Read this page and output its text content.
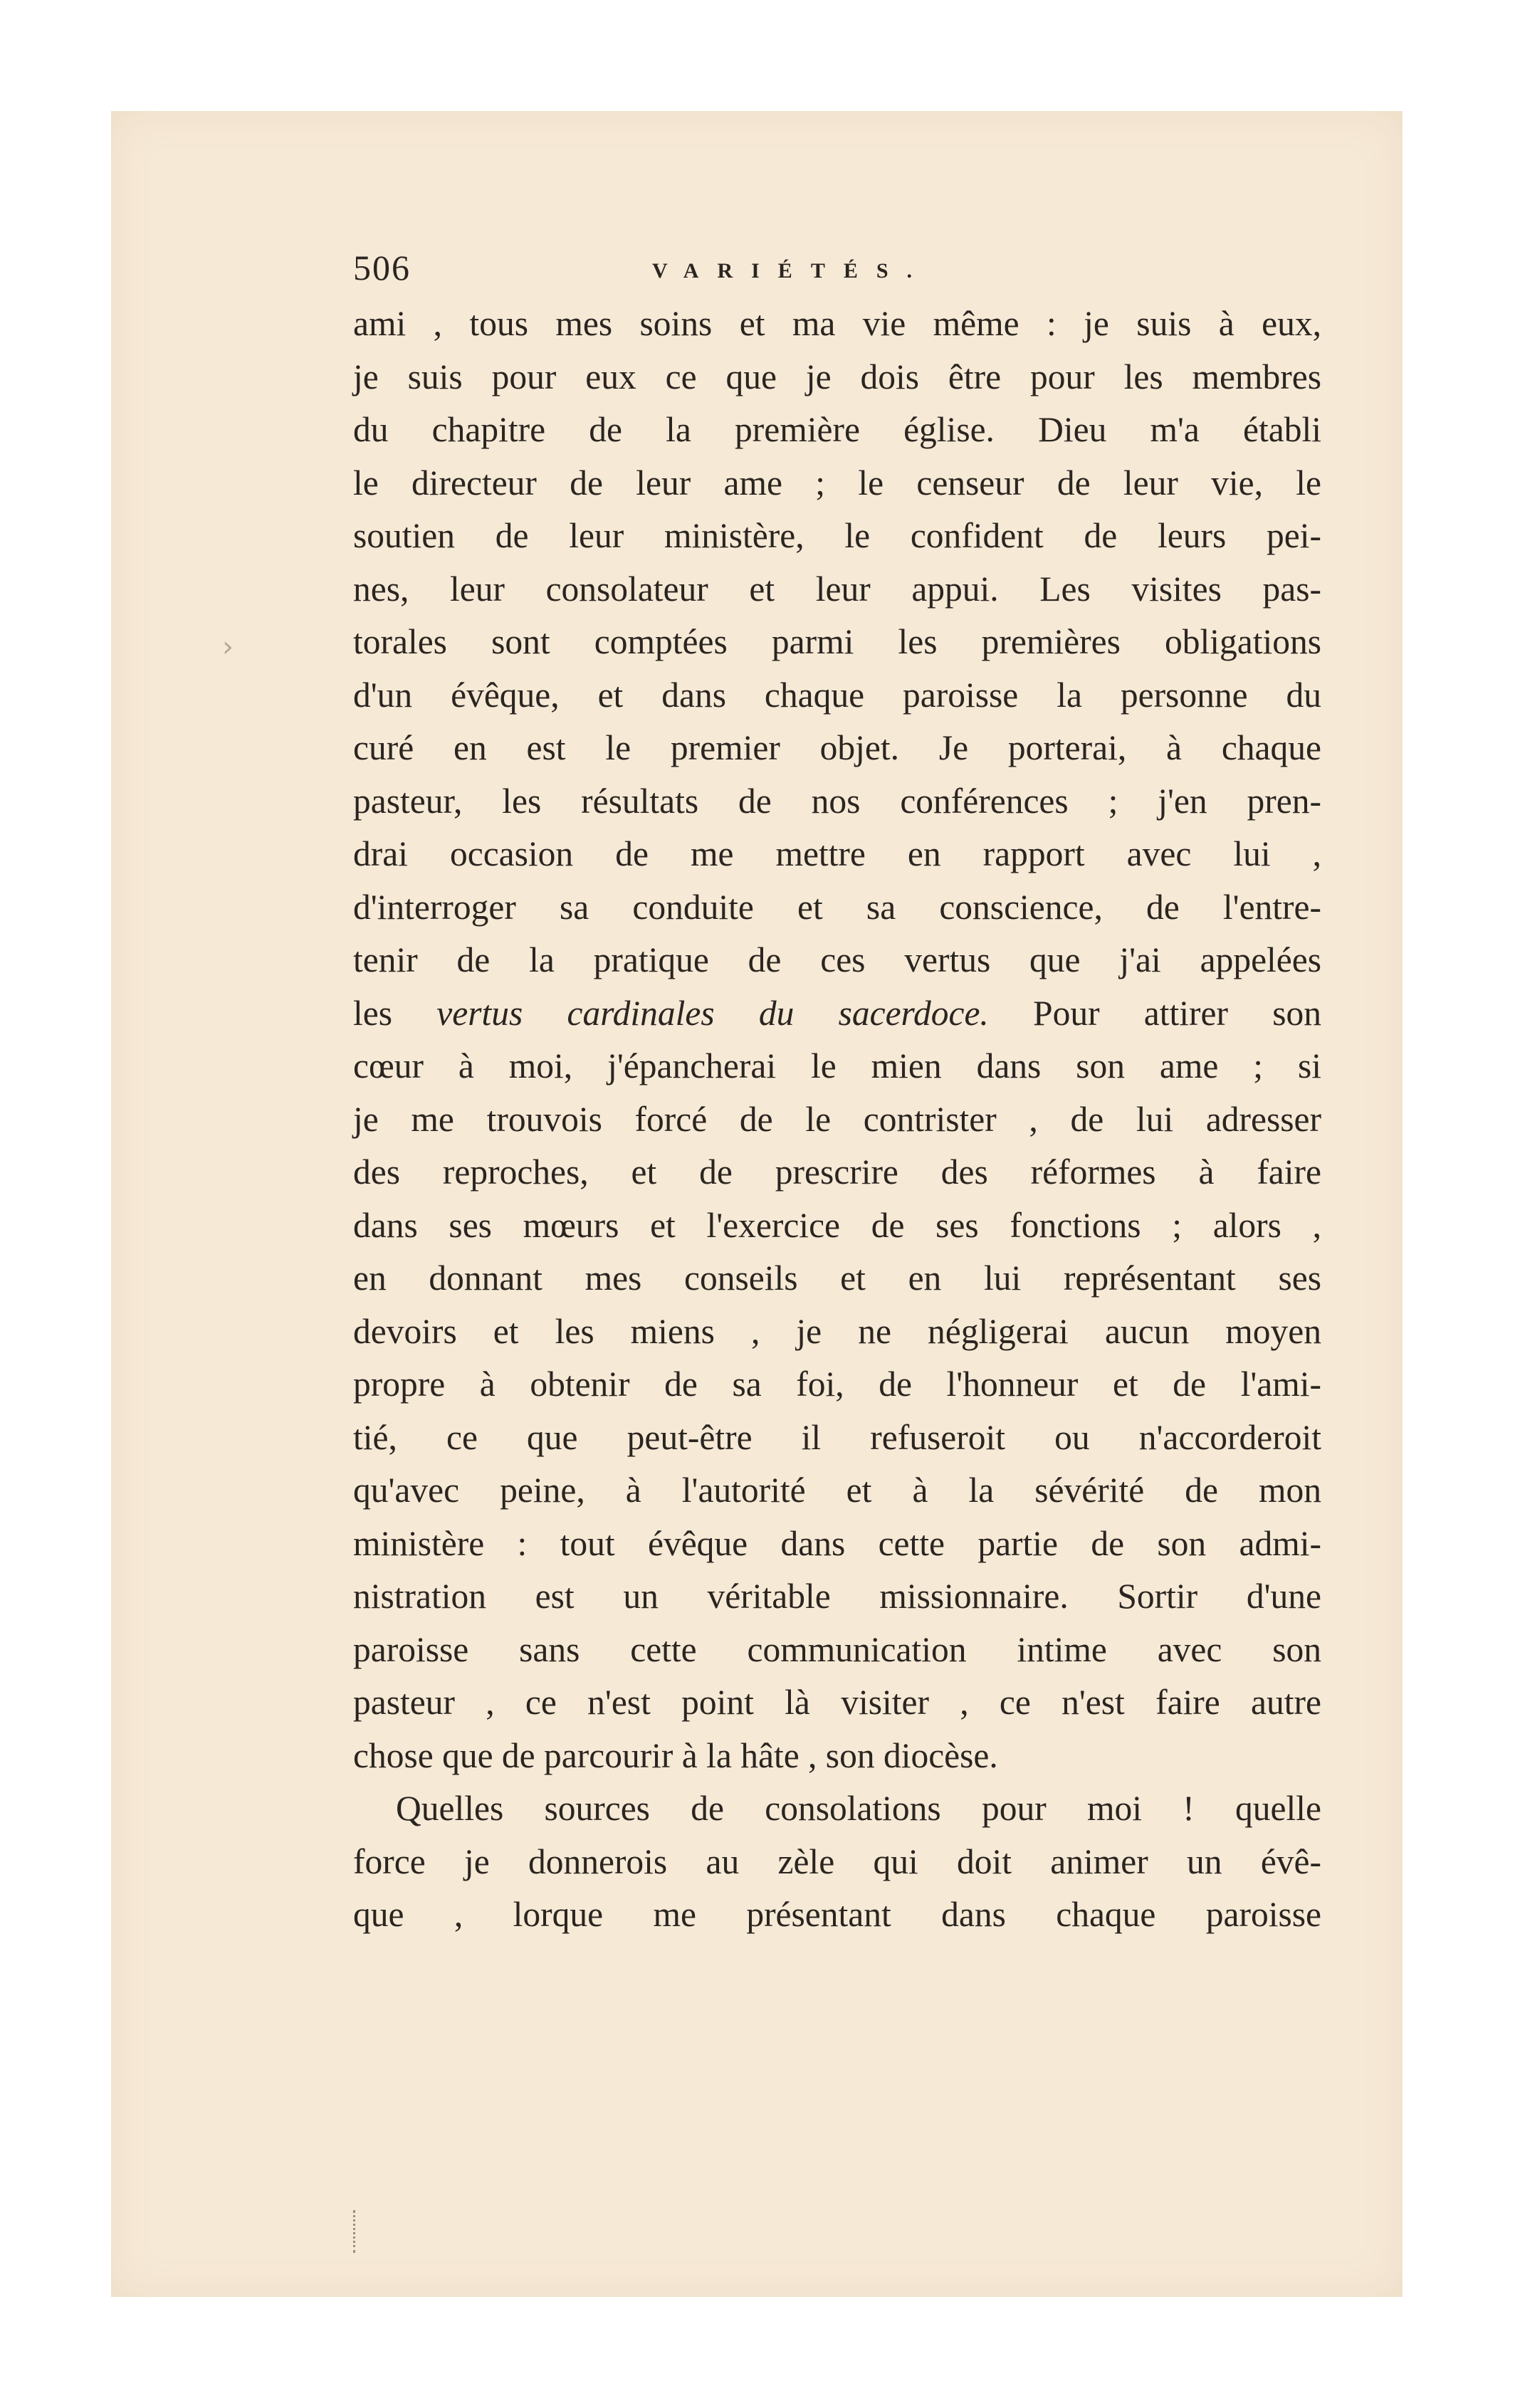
›
506	VARIÉTÉS.
ami , tous mes soins et ma vie même : je suis à eux,
je suis pour eux ce que je dois être pour les membres
du chapitre de la première église. Dieu m'a établi
le directeur de leur ame ; le censeur de leur vie, le
soutien de leur ministère, le confident de leurs pei-
nes, leur consolateur et leur appui. Les visites pas-
torales sont comptées parmi les premières obligations
d'un évêque, et dans chaque paroisse la personne du
curé en est le premier objet. Je porterai, à chaque
pasteur, les résultats de nos conférences ; j'en pren-
drai occasion de me mettre en rapport avec lui ,
d'interroger sa conduite et sa conscience, de l'entre-
tenir de la pratique de ces vertus que j'ai appelées
les vertus cardinales du sacerdoce. Pour attirer son
cœur à moi, j'épancherai le mien dans son ame ; si
je me trouvois forcé de le contrister , de lui adresser
des reproches, et de prescrire des réformes à faire
dans ses mœurs et l'exercice de ses fonctions ; alors ,
en donnant mes conseils et en lui représentant ses
devoirs et les miens , je ne négligerai aucun moyen
propre à obtenir de sa foi, de l'honneur et de l'ami-
tié, ce que peut-être il refuseroit ou n'accorderoit
qu'avec peine, à l'autorité et à la sévérité de mon
ministère : tout évêque dans cette partie de son admi-
nistration est un véritable missionnaire. Sortir d'une
paroisse sans cette communication intime avec son
pasteur , ce n'est point là visiter , ce n'est faire autre
chose que de parcourir à la hâte , son diocèse.
Quelles sources de consolations pour moi ! quelle
force je donnerois au zèle qui doit animer un évê-
que , lorque me présentant dans chaque paroisse
